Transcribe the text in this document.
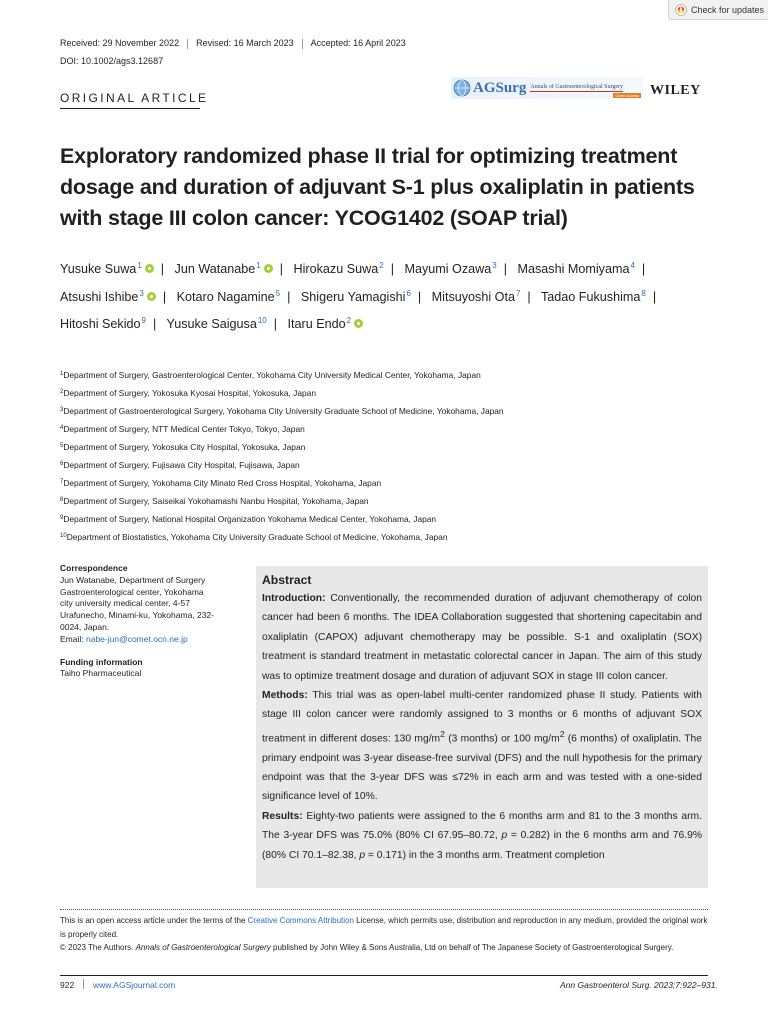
Check for updates
Received: 29 November 2022 Revised: 16 March 2023 Accepted: 16 April 2023
DOI: 10.1002/ags3.12687
ORIGINAL ARTICLE
AGSurg Annals of Gastroenterological Surgery
Open Access WILEY
Exploratory randomized phase II trial for optimizing treatment dosage and duration of adjuvant S-1 plus oxaliplatin in patients with stage III colon cancer: YCOG1402 (SOAP trial)
Yusuke Suwa$^1$ | Jun Watanabe$^1$ | Hirokazu Suwa$^2$ | Mayumi Ozawa$^3$ | Masashi Momiyama$^4$ | Atsushi Ishibe$^3$ | Kotaro Nagamine$^5$ | Shigeru Yamagishi$^6$ | Mitsuyoshi Ota$^7$ | Tadao Fukushima$^8$ | Hitoshi Sekido$^9$ | Yusuke Saigusa$^{10}$ | Itaru Endo$^2$
$^1$Department of Surgery, Gastroenterological Center, Yokohama City University Medical Center, Yokohama, Japan
$^2$Department of Surgery, Yokosuka Kyosai Hospital, Yokosuka, Japan
$^3$Department of Gastroenterological Surgery, Yokohama City University Graduate School of Medicine, Yokohama, Japan
$^4$Department of Surgery, NTT Medical Center Tokyo, Tokyo, Japan
$^5$Department of Surgery, Yokosuka City Hospital, Yokosuka, Japan
$^6$Department of Surgery, Fujisawa City Hospital, Fujisawa, Japan
$^7$Department of Surgery, Yokohama City Minato Red Cross Hospital, Yokohama, Japan
$^8$Department of Surgery, Saiseikai Yokohamashi Nanbu Hospital, Yokohama, Japan
$^9$Department of Surgery, National Hospital Organization Yokohama Medical Center, Yokohama, Japan
$^{10}$Department of Biostatistics, Yokohama City University Graduate School of Medicine, Yokohama, Japan
Correspondence
Jun Watanabe, Department of Surgery
Gastroenterological center, Yokohama
city university medical center, 4-57
Urafunecho, Minami-ku, Yokohama, 232-
0024, Japan.
Email: nabe-jun@comet.ocn.ne.jp
Funding information
Taiho Pharmaceutical
Abstract

Introduction: Conventionally, the recommended duration of adjuvant chemotherapy of colon cancer had been 6 months. The IDEA Collaboration suggested that shortening capecitabin and oxaliplatin (CAPOX) adjuvant chemotherapy may be possible. S-1 and oxaliplatin (SOX) treatment is standard treatment in metastatic colorectal cancer in Japan. The aim of this study was to optimize treatment dosage and duration of adjuvant SOX in stage III colon cancer.

Methods: This trial was as open-label multi-center randomized phase II study. Patients with stage III colon cancer were randomly assigned to 3 months or 6 months of adjuvant SOX treatment in different doses: 130 $mg/m^2$ (3 months) or 100 $mg/m^2$ (6 months) of oxaliplatin. The primary endpoint was 3-year disease-free survival (DFS) and the null hypothesis for the primary endpoint was that the 3-year DFS was ≤72% in each arm and was tested with a one-sided significance level of 10%.

Results: Eighty-two patients were assigned to the 6 months arm and 81 to the 3 months arm. The 3-year DFS was 75.0% (80% CI 67.95–80.72, p = 0.282) in the 6 months arm and 76.9% (80% CI 70.1–82.38, p = 0.171) in the 3 months arm. Treatment completion

This is an open access article under the terms of the Creative Commons Attribution License, which permits use, distribution and reproduction in any medium, provided the original work is properly cited.
© 2023 The Authors. Annals of Gastroenterological Surgery published by John Wiley & Sons Australia, Ltd on behalf of The Japanese Society of Gastroenterological Surgery.
922 www.AGSjournal.com	Ann Gastroenterol Surg. 2023;7:922–931.
